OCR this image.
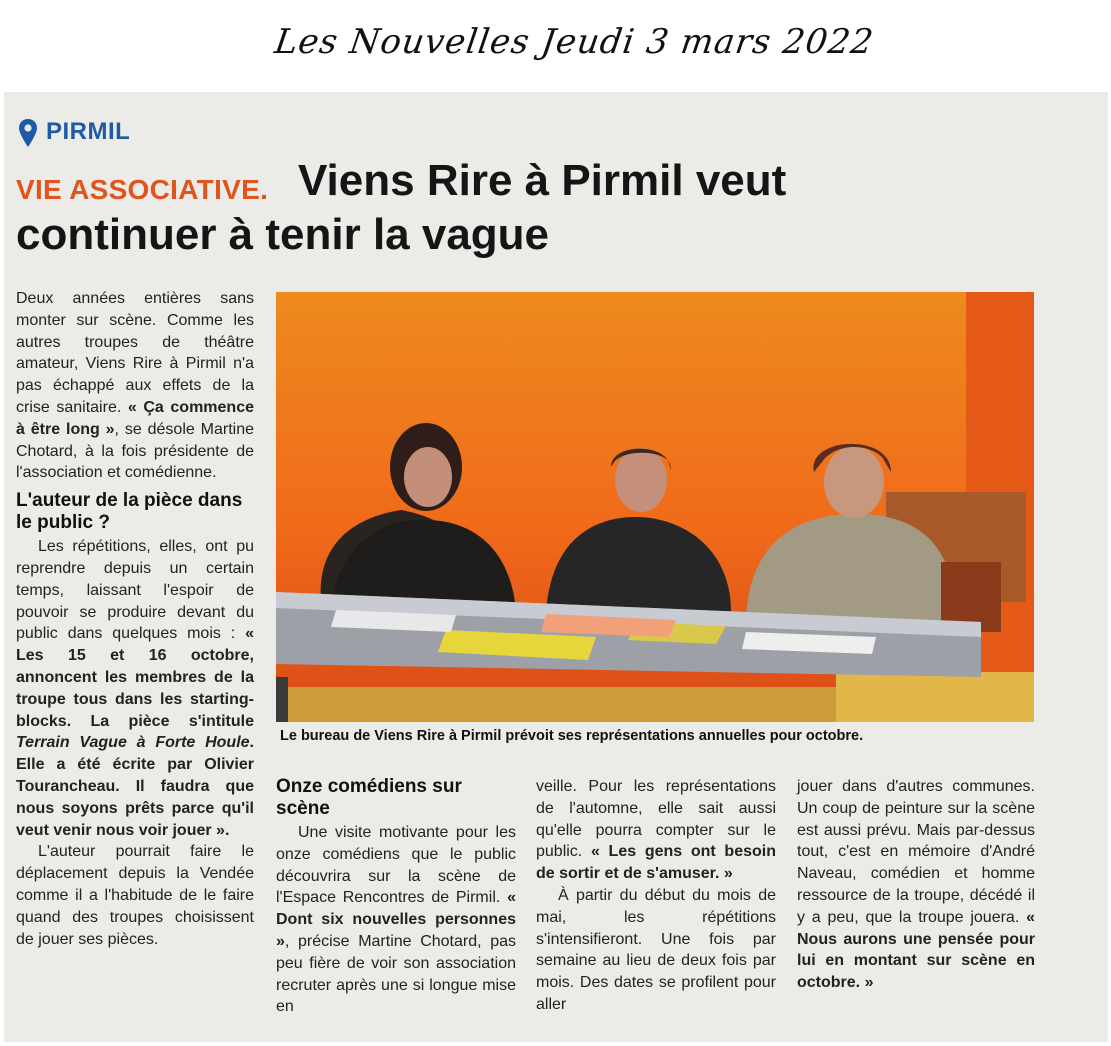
Les Nouvelles Jeudi 3 mars 2022
PIRMIL
VIE ASSOCIATIVE. Viens Rire à Pirmil veut
continuer à tenir la vague

Deux années entières sans monter sur scène. Comme les autres troupes de théâtre amateur, Viens Rire à Pirmil n'a pas échappé aux effets de la crise sanitaire. « Ça commence à être long », se désole Martine Chotard, à la fois présidente de l'association et comédienne.

L'auteur de la pièce dans le public ?

Les répétitions, elles, ont pu reprendre depuis un certain temps, laissant l'espoir de pouvoir se produire devant du public dans quelques mois : « Les 15 et 16 octobre, annoncent les membres de la troupe tous dans les starting-blocks. La pièce s'intitule Terrain Vague à Forte Houle. Elle a été écrite par Olivier Tourancheau. Il faudra que nous soyons prêts parce qu'il veut venir nous voir jouer ».

L'auteur pourrait faire le déplacement depuis la Vendée comme il a l'habitude de le faire quand des troupes choisissent de jouer ses pièces.

Le bureau de Viens Rire à Pirmil prévoit ses représentations annuelles pour octobre.
Onze comédiens sur scène

Une visite motivante pour les onze comédiens que le public découvrira sur la scène de l'Espace Rencontres de Pirmil. « Dont six nouvelles personnes », précise Martine Chotard, pas peu fière de voir son association recruter après une si longue mise en

veille. Pour les représentations de l'automne, elle sait aussi qu'elle pourra compter sur le public. « Les gens ont besoin de sortir et de s'amuser. »

À partir du début du mois de mai, les répétitions s'intensifieront. Une fois par semaine au lieu de deux fois par mois. Des dates se profilent pour aller

jouer dans d'autres communes. Un coup de peinture sur la scène est aussi prévu. Mais par-dessus tout, c'est en mémoire d'André Naveau, comédien et homme ressource de la troupe, décédé il y a peu, que la troupe jouera. « Nous aurons une pensée pour lui en montant sur scène en octobre. »
